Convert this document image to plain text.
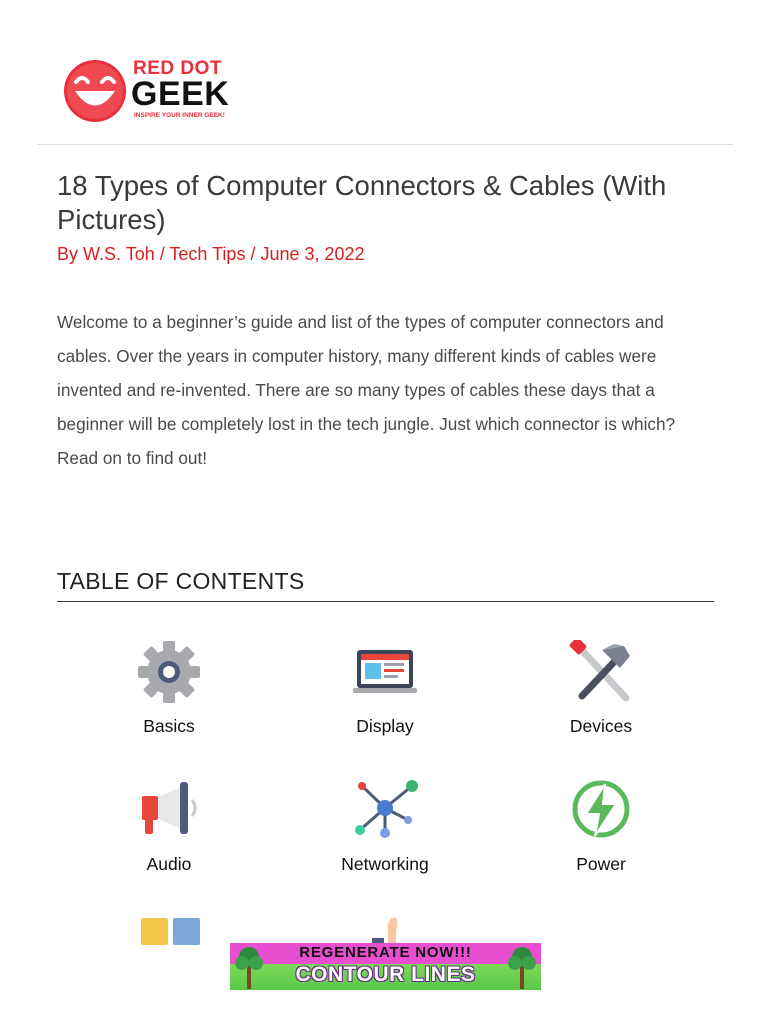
RED DOT
GEEK
INSPIRE YOUR INNER GEEK!
18 Types of Computer Connectors & Cables (With Pictures)
By W.S. Toh / Tech Tips / June 3, 2022

Welcome to a beginner’s guide and list of the types of computer connectors and cables. Over the years in computer history, many different kinds of cables were invented and re-invented. There are so many types of cables these days that a beginner will be completely lost in the tech jungle. Just which connector is which? Read on to find out!

TABLE OF CONTENTS
Basics	Display	Devices
Audio	Networking	Power
REGENERATE NOW!!!
CONTOUR LINES
